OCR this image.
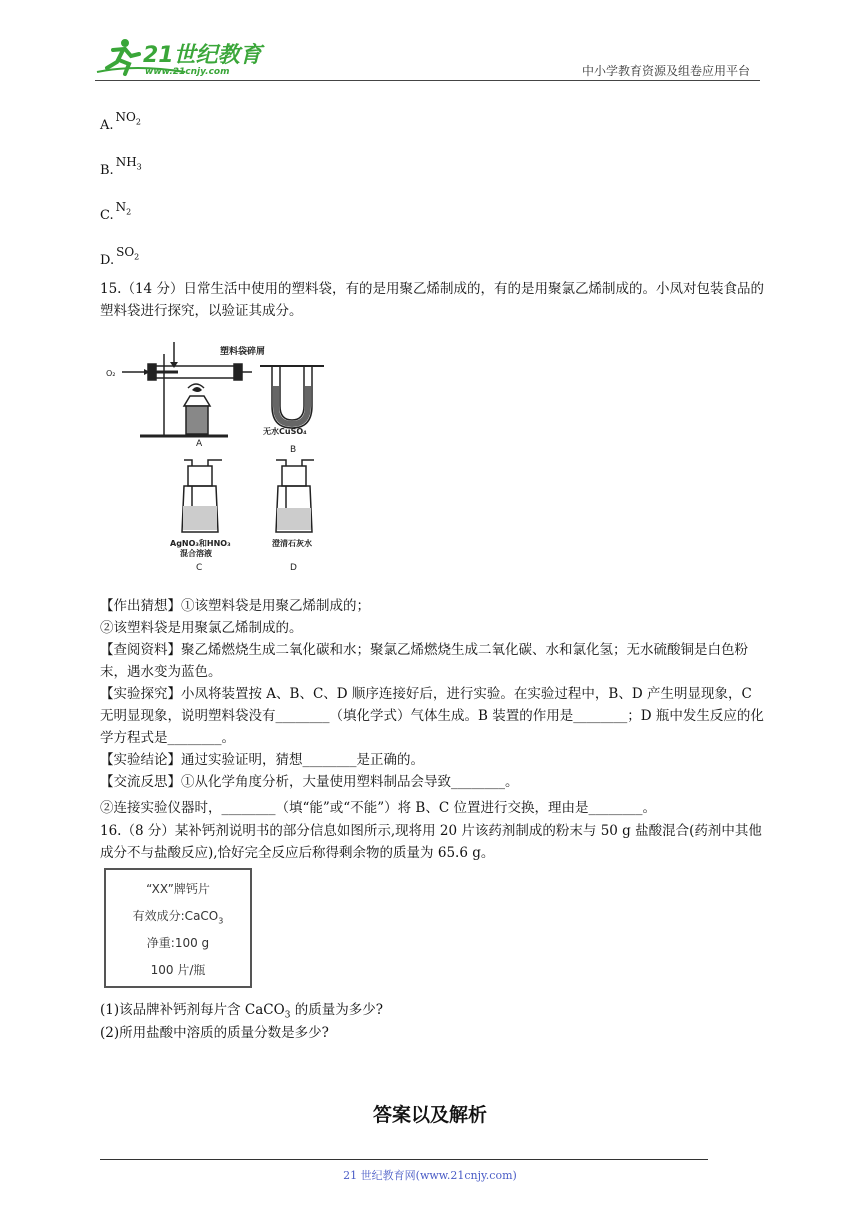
21世纪教育
www.21cnjy.com	中小学教育资源及组卷应用平台
$A.NO_2$
$B.NH_3$
$C.N_2$
$D.SO_2$
15.（14 分）日常生活中使用的塑料袋，有的是用聚乙烯制成的，有的是用聚氯乙烯制成的。小凤对包装食品的塑料袋进行探究，以验证其成分。
塑料袋碎屑
O₂
A
无水CuSO₄
B
AgNO₃和HNO₃
混合溶液
C
澄清石灰水
D
【作出猜想】①该塑料袋是用聚乙烯制成的；
②该塑料袋是用聚氯乙烯制成的。
【查阅资料】聚乙烯燃烧生成二氧化碳和水；聚氯乙烯燃烧生成二氧化碳、水和氯化氢；无水硫酸铜是白色粉末，遇水变为蓝色。
【实验探究】小凤将装置按 A、B、C、D 顺序连接好后，进行实验。在实验过程中，B、D 产生明显现象，C 无明显现象，说明塑料袋没有________（填化学式）气体生成。B 装置的作用是________；D 瓶中发生反应的化学方程式是________。
【实验结论】通过实验证明，猜想________是正确的。
【交流反思】①从化学角度分析，大量使用塑料制品会导致________。
②连接实验仪器时，________（填“能”或“不能”）将 B、C 位置进行交换，理由是________。
16.（8 分）某补钙剂说明书的部分信息如图所示,现将用 20 片该药剂制成的粉末与 50 g 盐酸混合(药剂中其他成分不与盐酸反应),恰好完全反应后称得剩余物的质量为 65.6 g。
“XX”牌钙片
有效成分:CaCO$_3$
净重:100 g
100 片/瓶
(1)该品牌补钙剂每片含 CaCO$_3$ 的质量为多少?
(2)所用盐酸中溶质的质量分数是多少?
答案以及解析
21 世纪教育网(www.21cnjy.com)
